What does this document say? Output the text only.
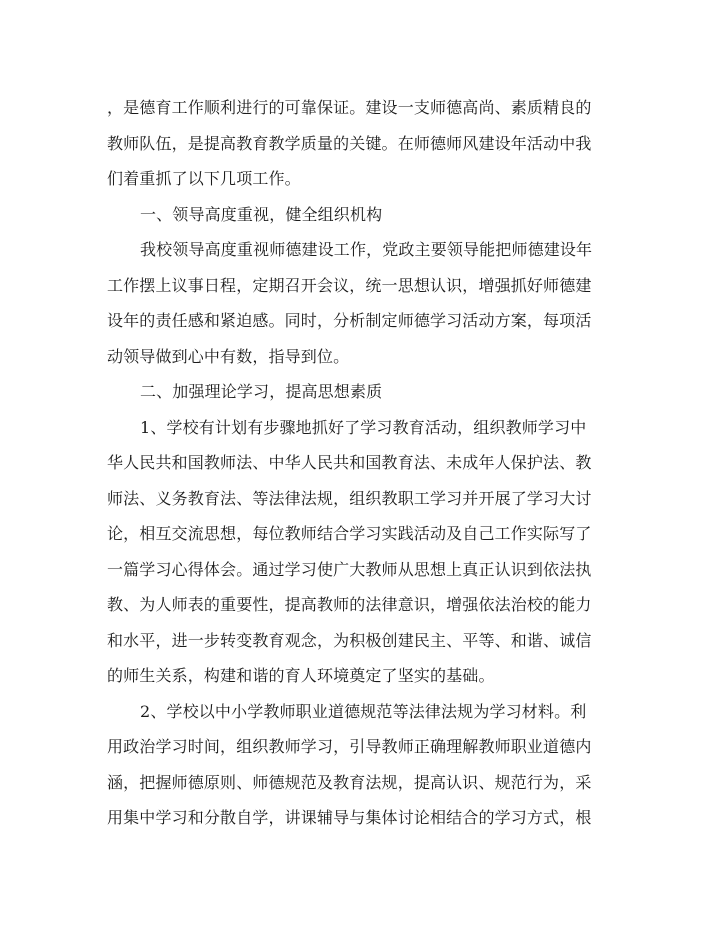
，是德育工作顺利进行的可靠保证。建设一支师德高尚、素质精良的
教师队伍，是提高教育教学质量的关键。在师德师风建设年活动中我
们着重抓了以下几项工作。
一、领导高度重视，健全组织机构
我校领导高度重视师德建设工作，党政主要领导能把师德建设年
工作摆上议事日程，定期召开会议，统一思想认识，增强抓好师德建
设年的责任感和紧迫感。同时，分析制定师德学习活动方案，每项活
动领导做到心中有数，指导到位。
二、加强理论学习，提高思想素质
1、学校有计划有步骤地抓好了学习教育活动，组织教师学习中
华人民共和国教师法、中华人民共和国教育法、未成年人保护法、教
师法、义务教育法、等法律法规，组织教职工学习并开展了学习大讨
论，相互交流思想，每位教师结合学习实践活动及自己工作实际写了
一篇学习心得体会。通过学习使广大教师从思想上真正认识到依法执
教、为人师表的重要性，提高教师的法律意识，增强依法治校的能力
和水平，进一步转变教育观念，为积极创建民主、平等、和谐、诚信
的师生关系，构建和谐的育人环境奠定了坚实的基础。
2、学校以中小学教师职业道德规范等法律法规为学习材料。利
用政治学习时间，组织教师学习，引导教师正确理解教师职业道德内
涵，把握师德原则、师德规范及教育法规，提高认识、规范行为，采
用集中学习和分散自学，讲课辅导与集体讨论相结合的学习方式，根
